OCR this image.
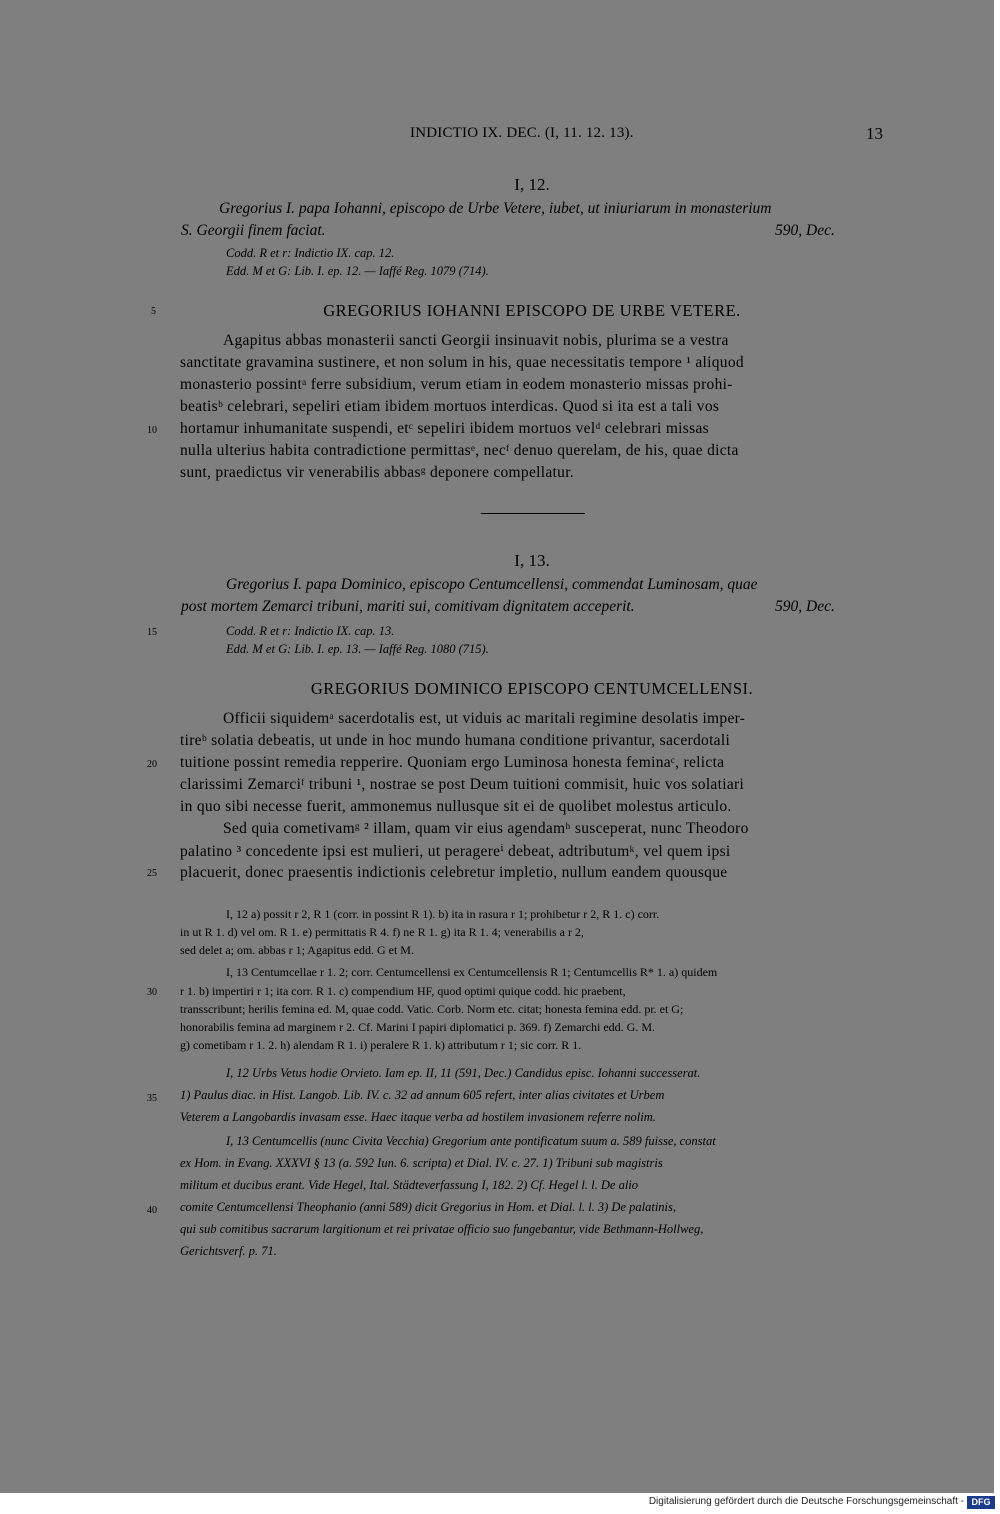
INDICTIO IX. DEC. (I, 11. 12. 13).	13
I, 12.
Gregorius I. papa Iohanni, episcopo de Urbe Vetere, iubet, ut iniuriarum in monasterium
S. Georgii finem faciat.	590, Dec.
Codd. R et r: Indictio IX. cap. 12.
Edd. M et G: Lib. I. ep. 12. — Iaffé Reg. 1079 (714).
GREGORIUS IOHANNI EPISCOPO DE URBE VETERE.
Agapitus abbas monasterii sancti Georgii insinuavit nobis, plurima se a vestra
sanctitate gravamina sustinere, et non solum in his, quae necessitatis tempore ¹ aliquod
monasterio possintᵃ ferre subsidium, verum etiam in eodem monasterio missas prohi-
beatisᵇ celebrari, sepeliri etiam ibidem mortuos interdicas. Quod si ita est a tali vos
hortamur inhumanitate suspendi, etᶜ sepeliri ibidem mortuos velᵈ celebrari missas
nulla ulterius habita contradictione permittasᵉ, necᶠ denuo querelam, de his, quae dicta
sunt, praedictus vir venerabilis abbasᵍ deponere compellatur.
I, 13.
Gregorius I. papa Dominico, episcopo Centumcellensi, commendat Luminosam, quae
post mortem Zemarci tribuni, mariti sui, comitivam dignitatem acceperit.	590, Dec.
Codd. R et r: Indictio IX. cap. 13.
Edd. M et G: Lib. I. ep. 13. — Iaffé Reg. 1080 (715).
GREGORIUS DOMINICO EPISCOPO CENTUMCELLENSI.
Officii siquidemᵃ sacerdotalis est, ut viduis ac maritali regimine desolatis imper-
tireᵇ solatia debeatis, ut unde in hoc mundo humana conditione privantur, sacerdotali
tuitione possint remedia repperire. Quoniam ergo Luminosa honesta feminaᶜ, relicta
clarissimi Zemarciᶠ tribuni ¹, nostrae se post Deum tuitioni commisit, huic vos solatiari
in quo sibi necesse fuerit, ammonemus nullusque sit ei de quolibet molestus articulo.
Sed quia cometivamᵍ ² illam, quam vir eius agendamʰ susceperat, nunc Theodoro
palatino ³ concedente ipsi est mulieri, ut peragereⁱ debeat, adtributumᵏ, vel quem ipsi
placuerit, donec praesentis indictionis celebretur impletio, nullum eandem quousque
5
10
15
20
25
30
35
40
I, 12 a) possit r 2, R 1 (corr. in possint R 1). b) ita in rasura r 1; prohibetur r 2, R 1. c) corr.
in ut R 1. d) vel om. R 1. e) permittatis R 4. f) ne R 1. g) ita R 1. 4; venerabilis a r 2,
sed delet a; om. abbas r 1; Agapitus edd. G et M.
I, 13 Centumcellae r 1. 2; corr. Centumcellensi ex Centumcellensis R 1; Centumcellis R* 1. a) quidem
r 1. b) impertiri r 1; ita corr. R 1. c) compendium HF, quod optimi quique codd. hic praebent,
transscribunt; herilis femina ed. M, quae codd. Vatic. Corb. Norm etc. citat; honesta femina edd. pr. et G;
honorabilis femina ad marginem r 2. Cf. Marini I papiri diplomatici p. 369. f) Zemarchi edd. G. M.
g) cometibam r 1. 2. h) alendam R 1. i) peralere R 1. k) attributum r 1; sic corr. R 1.
I, 12 Urbs Vetus hodie Orvieto. Iam ep. II, 11 (591, Dec.) Candidus episc. Iohanni successerat.
1) Paulus diac. in Hist. Langob. Lib. IV. c. 32 ad annum 605 refert, inter alias civitates et Urbem
Veterem a Langobardis invasam esse. Haec itaque verba ad hostilem invasionem referre nolim.
I, 13 Centumcellis (nunc Civita Vecchia) Gregorium ante pontificatum suum a. 589 fuisse, constat
ex Hom. in Evang. XXXVI § 13 (a. 592 Iun. 6. scripta) et Dial. IV. c. 27. 1) Tribuni sub magistris
militum et ducibus erant. Vide Hegel, Ital. Städteverfassung I, 182. 2) Cf. Hegel l. l. De alio
comite Centumcellensi Theophanio (anni 589) dicit Gregorius in Hom. et Dial. l. l. 3) De palatinis,
qui sub comitibus sacrarum largitionum et rei privatae officio suo fungebantur, vide Bethmann-Hollweg,
Gerichtsverf. p. 71.
Digitalisierung gefördert durch die Deutsche Forschungsgemeinschaft - DFG
